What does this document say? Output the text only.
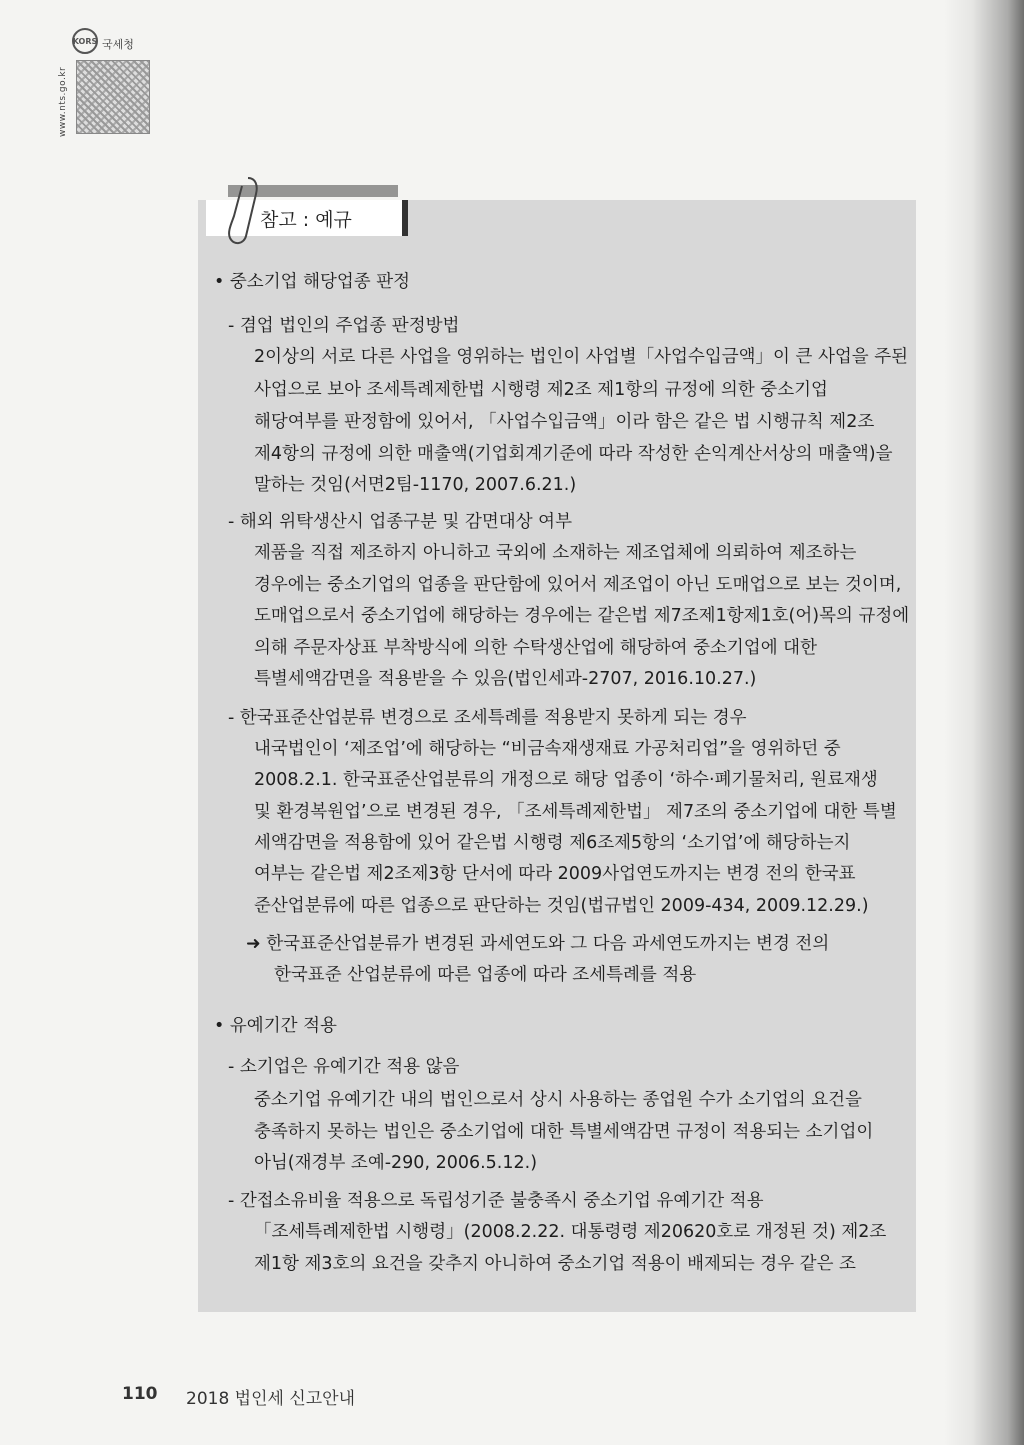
www.nts.go.kr
KORS 국세청
참고 : 예규
• 중소기업 해당업종 판정
- 겸업 법인의 주업종 판정방법
2이상의 서로 다른 사업을 영위하는 법인이 사업별「사업수입금액」이 큰 사업을 주된
사업으로 보아 조세특례제한법 시행령 제2조 제1항의 규정에 의한 중소기업
해당여부를 판정함에 있어서, 「사업수입금액」이라 함은 같은 법 시행규칙 제2조
제4항의 규정에 의한 매출액(기업회계기준에 따라 작성한 손익계산서상의 매출액)을
말하는 것임(서면2팀-1170, 2007.6.21.)
- 해외 위탁생산시 업종구분 및 감면대상 여부
제품을 직접 제조하지 아니하고 국외에 소재하는 제조업체에 의뢰하여 제조하는
경우에는 중소기업의 업종을 판단함에 있어서 제조업이 아닌 도매업으로 보는 것이며,
도매업으로서 중소기업에 해당하는 경우에는 같은법 제7조제1항제1호(어)목의 규정에
의해 주문자상표 부착방식에 의한 수탁생산업에 해당하여 중소기업에 대한
특별세액감면을 적용받을 수 있음(법인세과-2707, 2016.10.27.)
- 한국표준산업분류 변경으로 조세특례를 적용받지 못하게 되는 경우
내국법인이 ‘제조업’에 해당하는 “비금속재생재료 가공처리업”을 영위하던 중
2008.2.1. 한국표준산업분류의 개정으로 해당 업종이 ‘하수·폐기물처리, 원료재생
및 환경복원업’으로 변경된 경우, 「조세특례제한법」 제7조의 중소기업에 대한 특별
세액감면을 적용함에 있어 같은법 시행령 제6조제5항의 ‘소기업’에 해당하는지
여부는 같은법 제2조제3항 단서에 따라 2009사업연도까지는 변경 전의 한국표
준산업분류에 따른 업종으로 판단하는 것임(법규법인 2009-434, 2009.12.29.)
➜ 한국표준산업분류가 변경된 과세연도와 그 다음 과세연도까지는 변경 전의
한국표준 산업분류에 따른 업종에 따라 조세특례를 적용
• 유예기간 적용
- 소기업은 유예기간 적용 않음
중소기업 유예기간 내의 법인으로서 상시 사용하는 종업원 수가 소기업의 요건을
충족하지 못하는 법인은 중소기업에 대한 특별세액감면 규정이 적용되는 소기업이
아님(재경부 조예-290, 2006.5.12.)
- 간접소유비율 적용으로 독립성기준 불충족시 중소기업 유예기간 적용
「조세특례제한법 시행령」(2008.2.22. 대통령령 제20620호로 개정된 것) 제2조
제1항 제3호의 요건을 갖추지 아니하여 중소기업 적용이 배제되는 경우 같은 조
110 2018 법인세 신고안내
